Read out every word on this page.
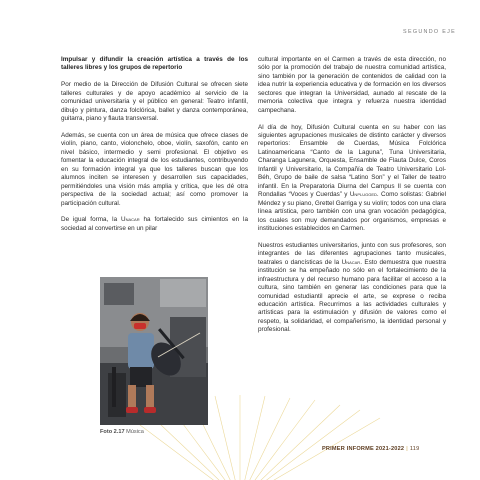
SEGUNDO EJE

Impulsar y difundir la creación artística a través de los talleres libres y los grupos de repertorio

Por medio de la Dirección de Difusión Cultural se ofrecen siete talleres culturales y de apoyo académico al servicio de la comunidad universitaria y el público en general: Teatro infantil, dibujo y pintura, danza folclórica, ballet y danza contemporánea, guitarra, piano y flauta transversal.

Además, se cuenta con un área de música que ofrece clases de violín, piano, canto, violonchelo, oboe, violín, saxofón, canto en nivel básico, intermedio y semi profesional. El objetivo es fomentar la educación integral de los estudiantes, contribuyendo en su formación integral ya que los talleres buscan que los alumnos inciten se interesen y desarrollen sus capacidades, permitiéndoles una visión más amplia y crítica, que les dé otra perspectiva de la sociedad actual; así como promover la participación cultural.

De igual forma, la Unacar ha fortalecido sus cimientos en la sociedad al convertirse en un pilar

Foto 2.17 Música

cultural importante en el Carmen a través de esta dirección, no sólo por la promoción del trabajo de nuestra comunidad artística, sino también por la generación de contenidos de calidad con la idea nutrir la experiencia educativa y de formación en los diversos sectores que integran la Universidad, aunado al rescate de la memoria colectiva que integra y refuerza nuestra identidad campechana.

Al día de hoy, Difusión Cultural cuenta en su haber con las siguientes agrupaciones musicales de distinto carácter y diversos repertorios: Ensamble de Cuerdas, Música Folclórica Latinoamericana “Canto de la Laguna”, Tuna Universitaria, Charanga Lagunera, Orquesta, Ensamble de Flauta Dulce, Coros Infantil y Universitario, la Compañía de Teatro Universitario Lol-Béh, Grupo de baile de salsa “Latino Son” y el Taller de teatro infantil. En la Preparatoria Diurna del Campus II se cuenta con Rondallas “Voces y Cuerdas” y Unplugged. Como solistas: Gabriel Méndez y su piano, Grettel Garriga y su violín; todos con una clara línea artística, pero también con una gran vocación pedagógica, los cuales son muy demandados por organismos, empresas e instituciones establecidos en Carmen.

Nuestros estudiantes universitarios, junto con sus profesores, son integrantes de las diferentes agrupaciones tanto musicales, teatrales o dancísticas de la Unacar. Esto demuestra que nuestra institución se ha empeñado no sólo en el fortalecimiento de la infraestructura y del recurso humano para facilitar el acceso a la cultura, sino también en generar las condiciones para que la comunidad estudiantil aprecie el arte, se exprese o reciba educación artística. Recurrimos a las actividades culturales y artísticas para la estimulación y difusión de valores como el respeto, la solidaridad, el compañerismo, la identidad personal y profesional.

PRIMER INFORME 2021-2022 | 119
